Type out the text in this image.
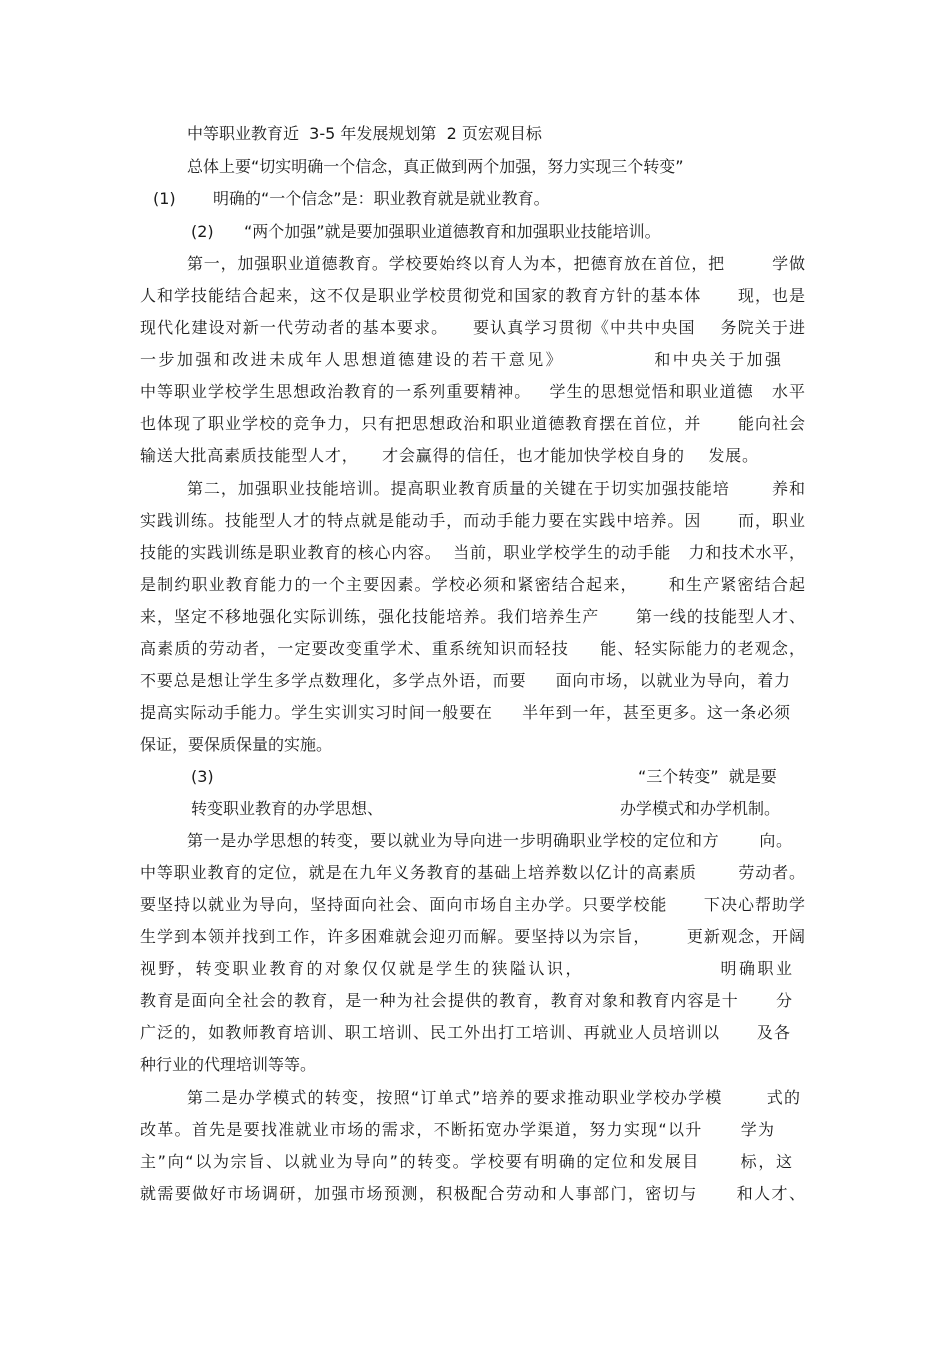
中等职业教育近  3-5 年发展规划第  2 页宏观目标
总体上要“切实明确一个信念，真正做到两个加强，努力实现三个转变”
(1) 明确的“一个信念”是：职业教育就是就业教育。
(2) “两个加强”就是要加强职业道德教育和加强职业技能培训。
第一，加强职业道德教育。学校要始终以育人为本，把德育放在首位，把        学做
人和学技能结合起来，这不仅是职业学校贯彻党和国家的教育方针的基本体      现，也是
现代化建设对新一代劳动者的基本要求。    要认真学习贯彻《中共中央国    务院关于进
一步加强和改进未成年人思想道德建设的若干意见》            和中央关于加强
中等职业学校学生思想政治教育的一系列重要精神。   学生的思想觉悟和职业道德   水平
也体现了职业学校的竞争力，只有把思想政治和职业道德教育摆在首位，并      能向社会
输送大批高素质技能型人才，    才会赢得的信任，也才能加快学校自身的    发展。
第二，加强职业技能培训。提高职业教育质量的关键在于切实加强技能培       养和
实践训练。技能型人才的特点就是能动手，而动手能力要在实践中培养。因      而，职业
技能的实践训练是职业教育的核心内容。  当前，职业学校学生的动手能   力和技术水平，
是制约职业教育能力的一个主要因素。学校必须和紧密结合起来，     和生产紧密结合起
来，坚定不移地强化实际训练，强化技能培养。我们培养生产      第一线的技能型人才、
高素质的劳动者，一定要改变重学术、重系统知识而轻技     能、轻实际能力的老观念，
不要总是想让学生多学点数理化，多学点外语，而要     面向市场，以就业为导向，着力
提高实际动手能力。学生实训实习时间一般要在     半年到一年，甚至更多。这一条必须
保证，要保质保量的实施。
(3)	“三个转变”  就是要
转变职业教育的办学思想、	办学模式和办学机制。
第一是办学思想的转变，要以就业为导向进一步明确职业学校的定位和方       向。
中等职业教育的定位，就是在九年义务教育的基础上培养数以亿计的高素质       劳动者。
要坚持以就业为导向，坚持面向社会、面向市场自主办学。只要学校能      下决心帮助学
生学到本领并找到工作，许多困难就会迎刃而解。要坚持以为宗旨，      更新观念，开阔
视野，转变职业教育的对象仅仅就是学生的狭隘认识，                  明确职业
教育是面向全社会的教育，是一种为社会提供的教育，教育对象和教育内容是十      分
广泛的，如教师教育培训、职工培训、民工外出打工培训、再就业人员培训以      及各
种行业的代理培训等等。
第二是办学模式的转变，按照“订单式”培养的要求推动职业学校办学模       式的
改革。首先是要找准就业市场的需求，不断拓宽办学渠道，努力实现“以升      学为
主”向“以为宗旨、以就业为导向”的转变。学校要有明确的定位和发展目      标，这
就需要做好市场调研，加强市场预测，积极配合劳动和人事部门，密切与      和人才、
